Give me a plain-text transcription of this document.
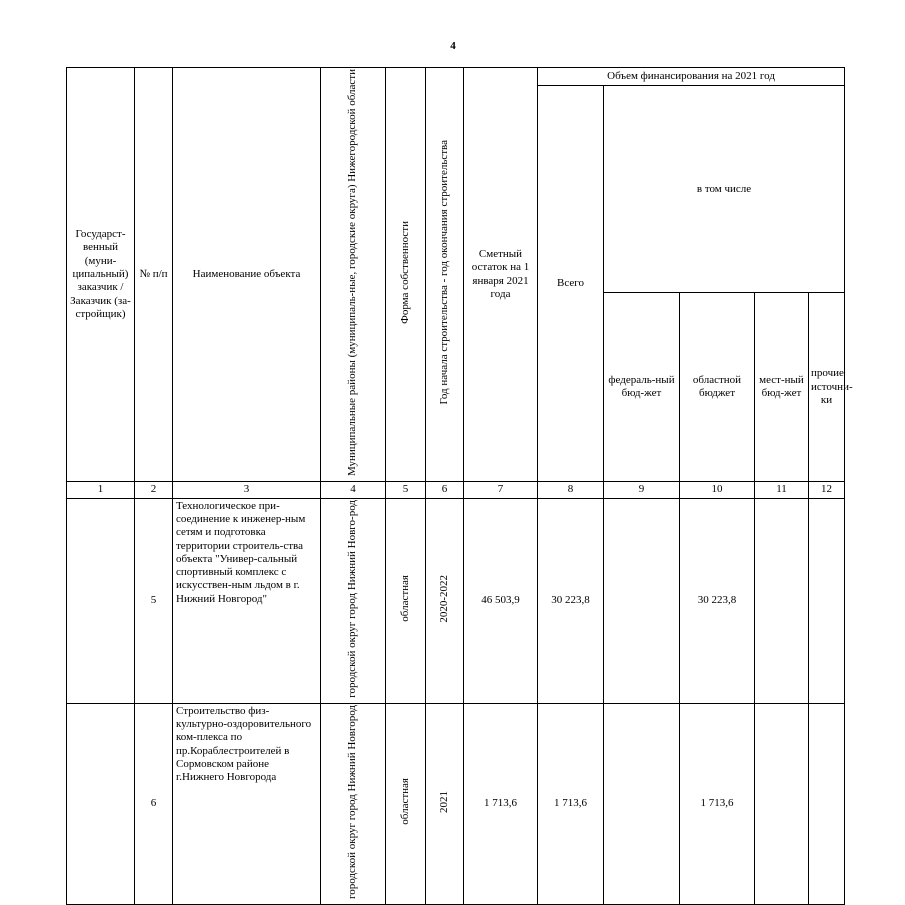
4
Государст-венный (муни-ципальный) заказчик / Заказчик (за-стройщик)	№ п/п	Наименование объекта	Муниципальные районы (муниципаль-ные, городские округа) Нижегородской области	Форма собственности	Год начала строительства - год окончания строительства	Сметный остаток на 1 января 2021 года	Объем финансирования на 2021 год				
							Всего	в том числе			
								федераль-ный бюд-жет	областной бюджет	мест-ный бюд-жет	прочие источни-ки
1	2	3	4	5	6	7	8	9	10	11	12
	5	Технологическое при-соединение к инженер-ным сетям и подготовка территории строитель-ства объекта "Универ-сальный спортивный комплекс с искусствен-ным льдом в г. Нижний Новгород"	городской округ город Нижний Новго-род	областная	2020-2022	46 503,9	30 223,8		30 223,8		
	6	Строительство физ-культурно-оздоровительного ком-плекса по пр.Кораблестроителей в Сормовском районе г.Нижнего Новгорода	городской округ город Нижний Новгород	областная	2021	1 713,6	1 713,6		1 713,6		
